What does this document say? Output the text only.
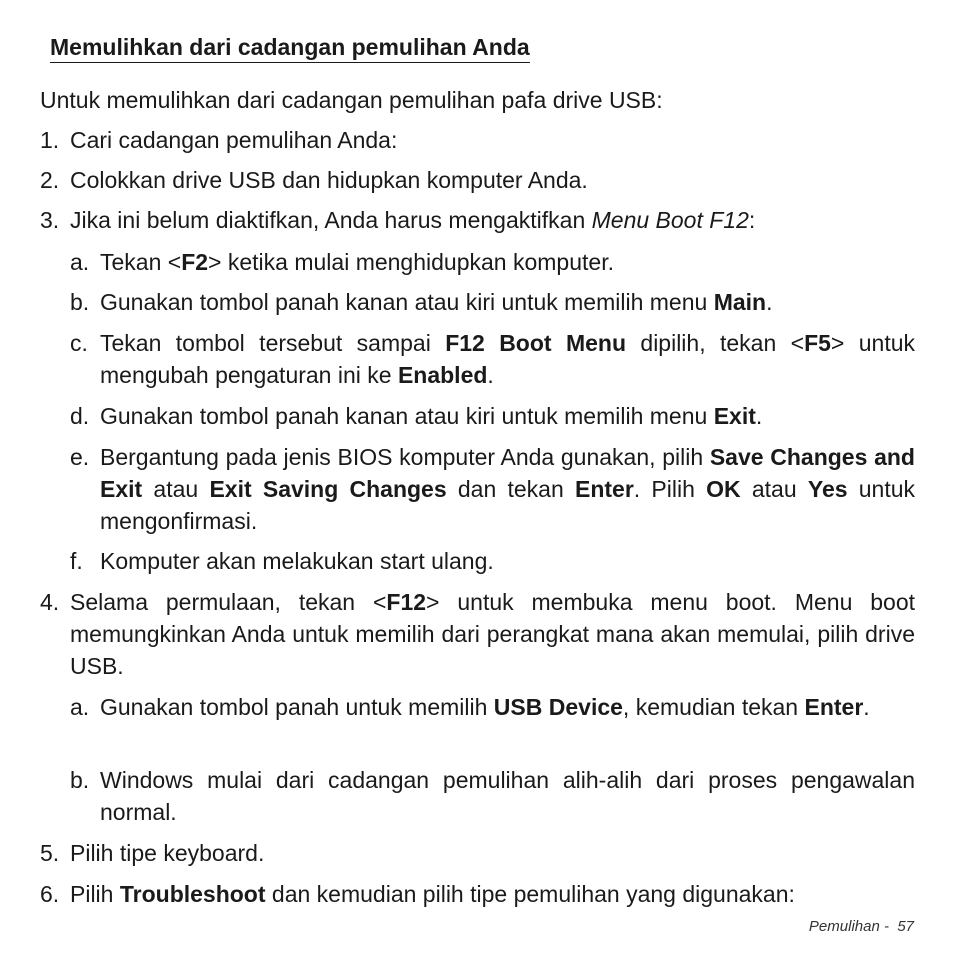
Memulihkan dari cadangan pemulihan Anda
Untuk memulihkan dari cadangan pemulihan pafa drive USB:
1. Cari cadangan pemulihan Anda:
2. Colokkan drive USB dan hidupkan komputer Anda.
3. Jika ini belum diaktifkan, Anda harus mengaktifkan Menu Boot F12:
a. Tekan <F2> ketika mulai menghidupkan komputer.
b. Gunakan tombol panah kanan atau kiri untuk memilih menu Main.
c. Tekan tombol tersebut sampai F12 Boot Menu dipilih, tekan <F5> untuk mengubah pengaturan ini ke Enabled.
d. Gunakan tombol panah kanan atau kiri untuk memilih menu Exit.
e. Bergantung pada jenis BIOS komputer Anda gunakan, pilih Save Changes and Exit atau Exit Saving Changes dan tekan Enter. Pilih OK atau Yes untuk mengonfirmasi.
f. Komputer akan melakukan start ulang.
4. Selama permulaan, tekan <F12> untuk membuka menu boot. Menu boot memungkinkan Anda untuk memilih dari perangkat mana akan memulai, pilih drive USB.
a. Gunakan tombol panah untuk memilih USB Device, kemudian tekan Enter.
b. Windows mulai dari cadangan pemulihan alih-alih dari proses pengawalan normal.
5. Pilih tipe keyboard.
6. Pilih Troubleshoot dan kemudian pilih tipe pemulihan yang digunakan:
Pemulihan - 57
